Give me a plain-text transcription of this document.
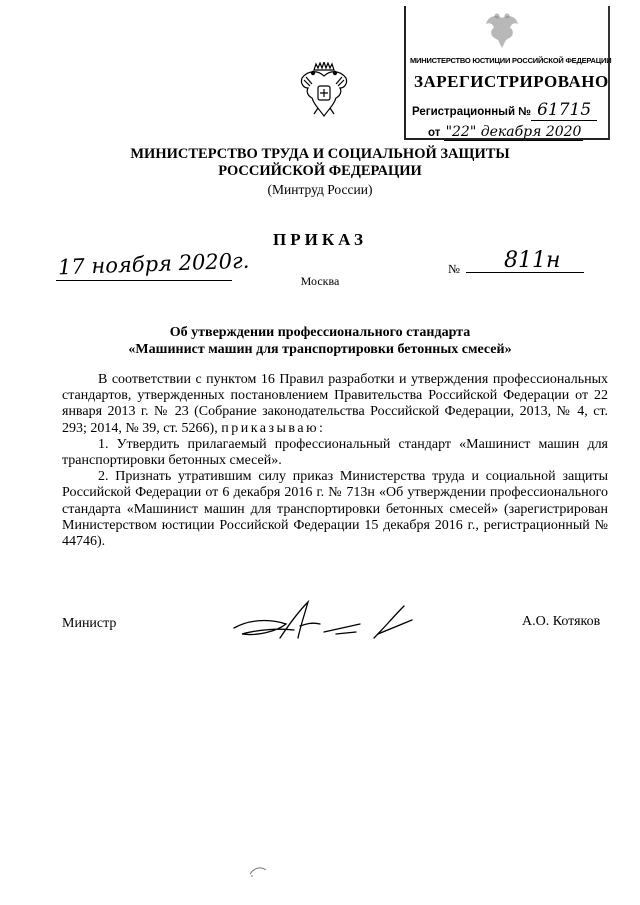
МИНИСТЕРСТВО ЮСТИЦИИ РОССИЙСКОЙ ФЕДЕРАЦИИ
ЗАРЕГИСТРИРОВАНО
Регистрационный № 61715
от "22" декабря 2020
МИНИСТЕРСТВО ТРУДА И СОЦИАЛЬНОЙ ЗАЩИТЫ
РОССИЙСКОЙ ФЕДЕРАЦИИ
(Минтруд России)
ПРИКАЗ
17 ноября 2020г.
Москва
№ 811н
Об утверждении профессионального стандарта
«Машинист машин для транспортировки бетонных смесей»

В соответствии с пунктом 16 Правил разработки и утверждения профессиональных стандартов, утвержденных постановлением Правительства Российской Федерации от 22 января 2013 г. № 23 (Собрание законодательства Российской Федерации, 2013, № 4, ст. 293; 2014, № 39, ст. 5266), приказываю:

1. Утвердить прилагаемый профессиональный стандарт «Машинист машин для транспортировки бетонных смесей».

2. Признать утратившим силу приказ Министерства труда и социальной защиты Российской Федерации от 6 декабря 2016 г. № 713н «Об утверждении профессионального стандарта «Машинист машин для транспортировки бетонных смесей» (зарегистрирован Министерством юстиции Российской Федерации 15 декабря 2016 г., регистрационный № 44746).

Министр	А.О. Котяков
